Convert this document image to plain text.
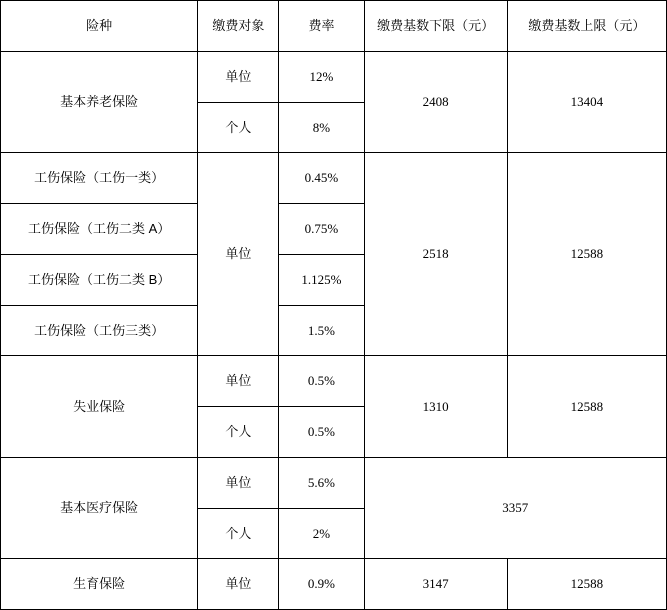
险种	缴费对象	费率	缴费基数下限（元）	缴费基数上限（元）
基本养老保险	单位	12%	2408	13404
	个人	8%		
工伤保险（工伤一类）	单位	0.45%	2518	12588
工伤保险（工伤二类 A）		0.75%		
工伤保险（工伤二类 B）		1.125%		
工伤保险（工伤三类）		1.5%		
失业保险	单位	0.5%	1310	12588
	个人	0.5%		
基本医疗保险	单位	5.6%	3357	
	个人	2%		
生育保险	单位	0.9%	3147	12588
